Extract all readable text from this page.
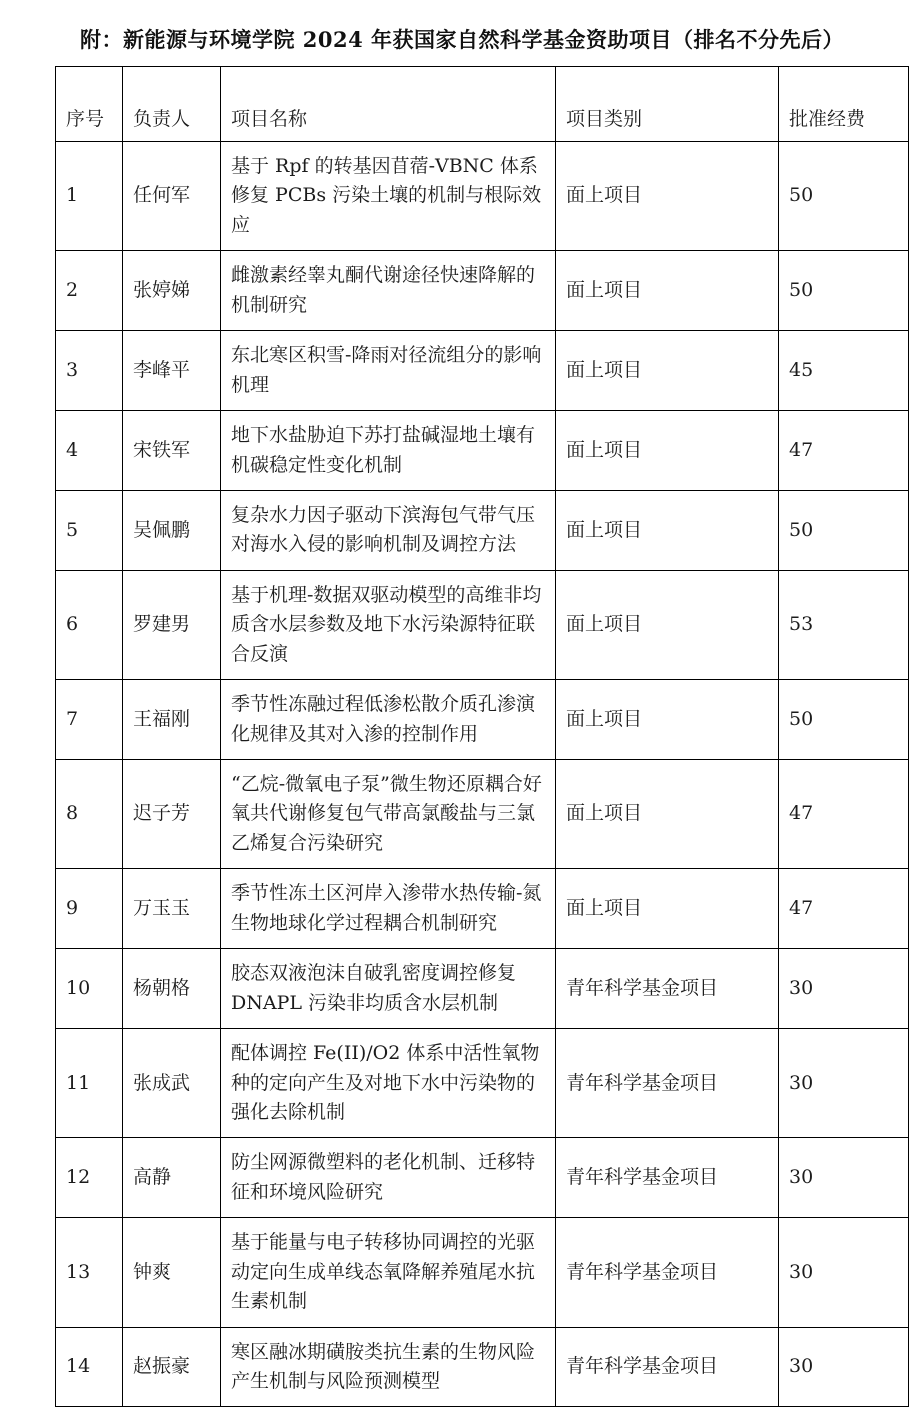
附：新能源与环境学院 2024 年获国家自然科学基金资助项目（排名不分先后）
序号	负责人	项目名称	项目类别	批准经费
1	任何军	基于 Rpf 的转基因苜蓿-VBNC 体系修复 PCBs 污染土壤的机制与根际效应	面上项目	50
2	张婷娣	雌激素经睾丸酮代谢途径快速降解的机制研究	面上项目	50
3	李峰平	东北寒区积雪-降雨对径流组分的影响机理	面上项目	45
4	宋铁军	地下水盐胁迫下苏打盐碱湿地土壤有机碳稳定性变化机制	面上项目	47
5	吴佩鹏	复杂水力因子驱动下滨海包气带气压对海水入侵的影响机制及调控方法	面上项目	50
6	罗建男	基于机理-数据双驱动模型的高维非均质含水层参数及地下水污染源特征联合反演	面上项目	53
7	王福刚	季节性冻融过程低渗松散介质孔渗演化规律及其对入渗的控制作用	面上项目	50
8	迟子芳	“乙烷-微氧电子泵”微生物还原耦合好氧共代谢修复包气带高氯酸盐与三氯乙烯复合污染研究	面上项目	47
9	万玉玉	季节性冻土区河岸入渗带水热传输-氮生物地球化学过程耦合机制研究	面上项目	47
10	杨朝格	胶态双液泡沫自破乳密度调控修复 DNAPL 污染非均质含水层机制	青年科学基金项目	30
11	张成武	配体调控 Fe(II)/O2 体系中活性氧物种的定向产生及对地下水中污染物的强化去除机制	青年科学基金项目	30
12	高静	防尘网源微塑料的老化机制、迁移特征和环境风险研究	青年科学基金项目	30
13	钟爽	基于能量与电子转移协同调控的光驱动定向生成单线态氧降解养殖尾水抗生素机制	青年科学基金项目	30
14	赵振豪	寒区融冰期磺胺类抗生素的生物风险产生机制与风险预测模型	青年科学基金项目	30
